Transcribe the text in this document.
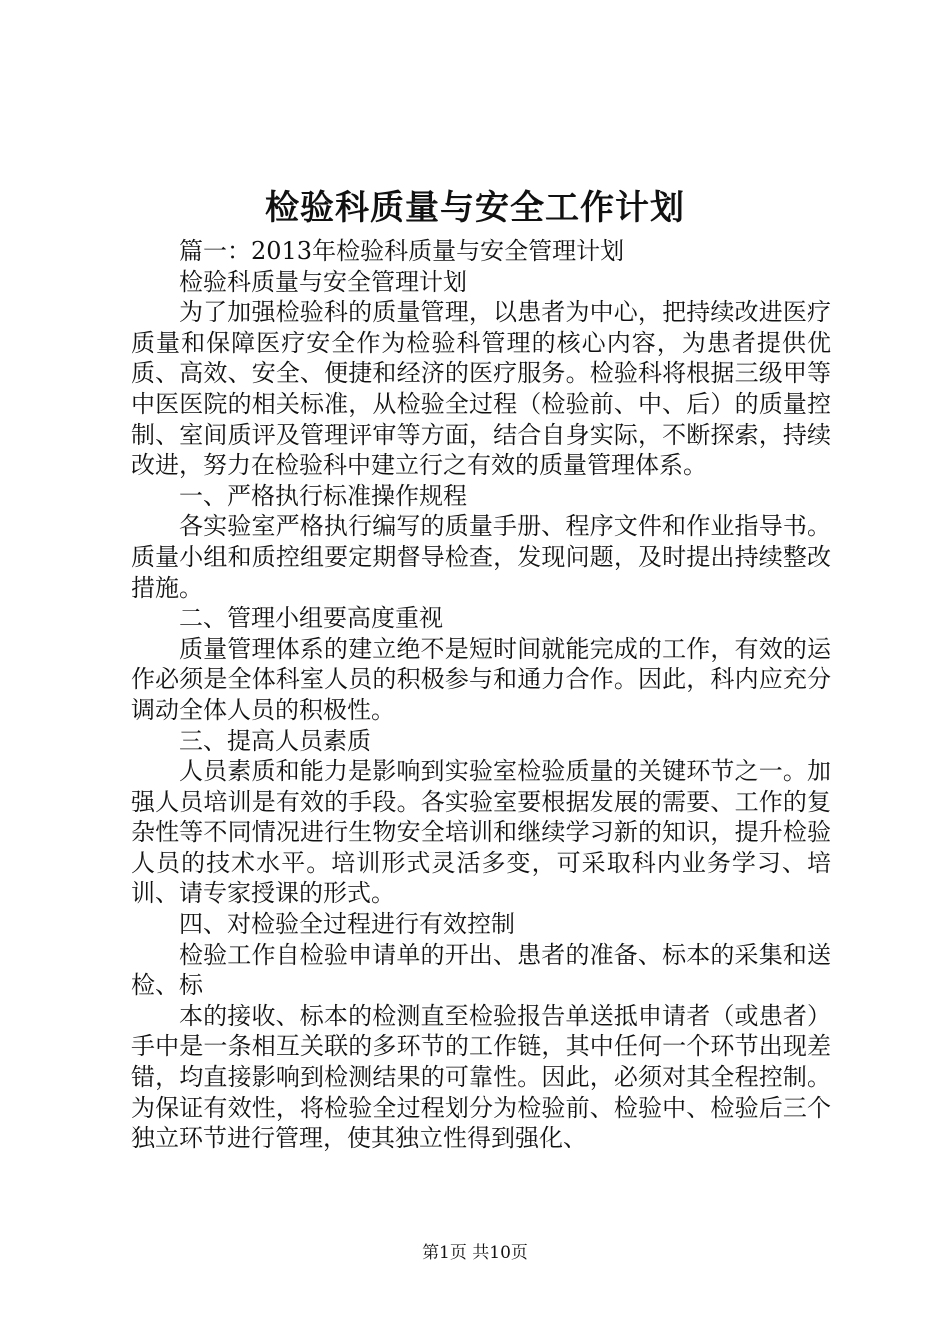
检验科质量与安全工作计划

篇一：2013年检验科质量与安全管理计划

检验科质量与安全管理计划

为了加强检验科的质量管理，以患者为中心，把持续改进医疗质量和保障医疗安全作为检验科管理的核心内容，为患者提供优质、高效、安全、便捷和经济的医疗服务。检验科将根据三级甲等中医医院的相关标准，从检验全过程（检验前、中、后）的质量控制、室间质评及管理评审等方面，结合自身实际，不断探索，持续改进，努力在检验科中建立行之有效的质量管理体系。

一、严格执行标准操作规程

各实验室严格执行编写的质量手册、程序文件和作业指导书。质量小组和质控组要定期督导检查，发现问题，及时提出持续整改措施。

二、管理小组要高度重视

质量管理体系的建立绝不是短时间就能完成的工作，有效的运作必须是全体科室人员的积极参与和通力合作。因此，科内应充分调动全体人员的积极性。

三、提高人员素质

人员素质和能力是影响到实验室检验质量的关键环节之一。加强人员培训是有效的手段。各实验室要根据发展的需要、工作的复杂性等不同情况进行生物安全培训和继续学习新的知识，提升检验人员的技术水平。培训形式灵活多变，可采取科内业务学习、培训、请专家授课的形式。

四、对检验全过程进行有效控制

检验工作自检验申请单的开出、患者的准备、标本的采集和送检、标

本的接收、标本的检测直至检验报告单送抵申请者（或患者）手中是一条相互关联的多环节的工作链，其中任何一个环节出现差错，均直接影响到检测结果的可靠性。因此，必须对其全程控制。为保证有效性，将检验全过程划分为检验前、检验中、检验后三个独立环节进行管理，使其独立性得到强化、

第1页 共10页
